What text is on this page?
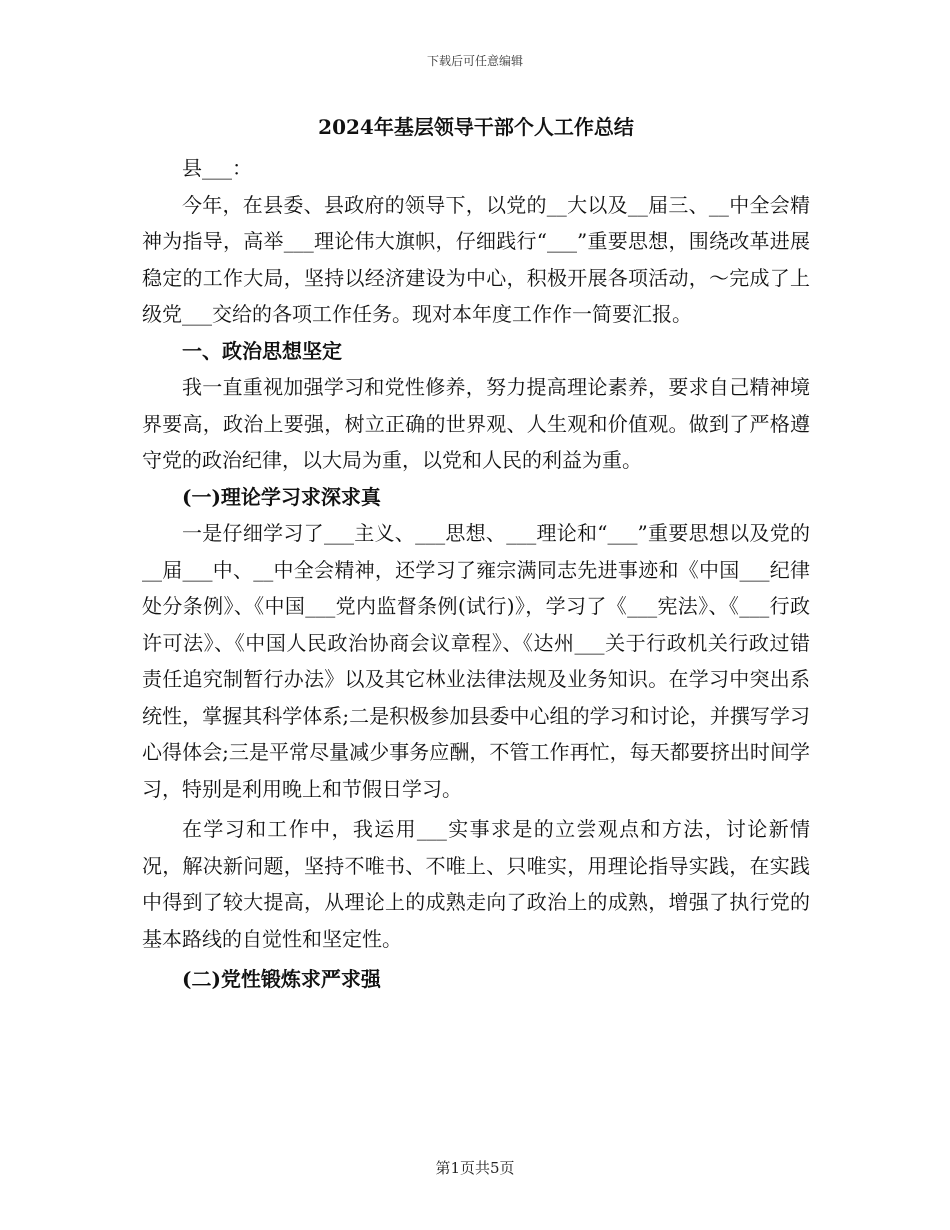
下载后可任意编辑
2024年基层领导干部个人工作总结

县___：

今年，在县委、县政府的领导下，以党的__大以及__届三、__中全会精神为指导，高举___理论伟大旗帜，仔细践行“___”重要思想，围绕改革进展稳定的工作大局，坚持以经济建设为中心，积极开展各项活动，～完成了上级党___交给的各项工作任务。现对本年度工作作一简要汇报。

一、政治思想坚定

我一直重视加强学习和党性修养，努力提高理论素养，要求自己精神境界要高，政治上要强，树立正确的世界观、人生观和价值观。做到了严格遵守党的政治纪律，以大局为重，以党和人民的利益为重。

(一)理论学习求深求真

一是仔细学习了___主义、___思想、___理论和“___”重要思想以及党的__届___中、__中全会精神，还学习了雍宗满同志先进事迹和《中国___纪律处分条例》、《中国___党内监督条例(试行)》，学习了《___宪法》、《___行政许可法》、《中国人民政治协商会议章程》、《达州___关于行政机关行政过错责任追究制暂行办法》以及其它林业法律法规及业务知识。在学习中突出系统性，掌握其科学体系;二是积极参加县委中心组的学习和讨论，并撰写学习心得体会;三是平常尽量减少事务应酬，不管工作再忙，每天都要挤出时间学习，特别是利用晚上和节假日学习。

在学习和工作中，我运用___实事求是的立尝观点和方法，讨论新情况，解决新问题，坚持不唯书、不唯上、只唯实，用理论指导实践，在实践中得到了较大提高，从理论上的成熟走向了政治上的成熟，增强了执行党的基本路线的自觉性和坚定性。

(二)党性锻炼求严求强

第1页共5页
